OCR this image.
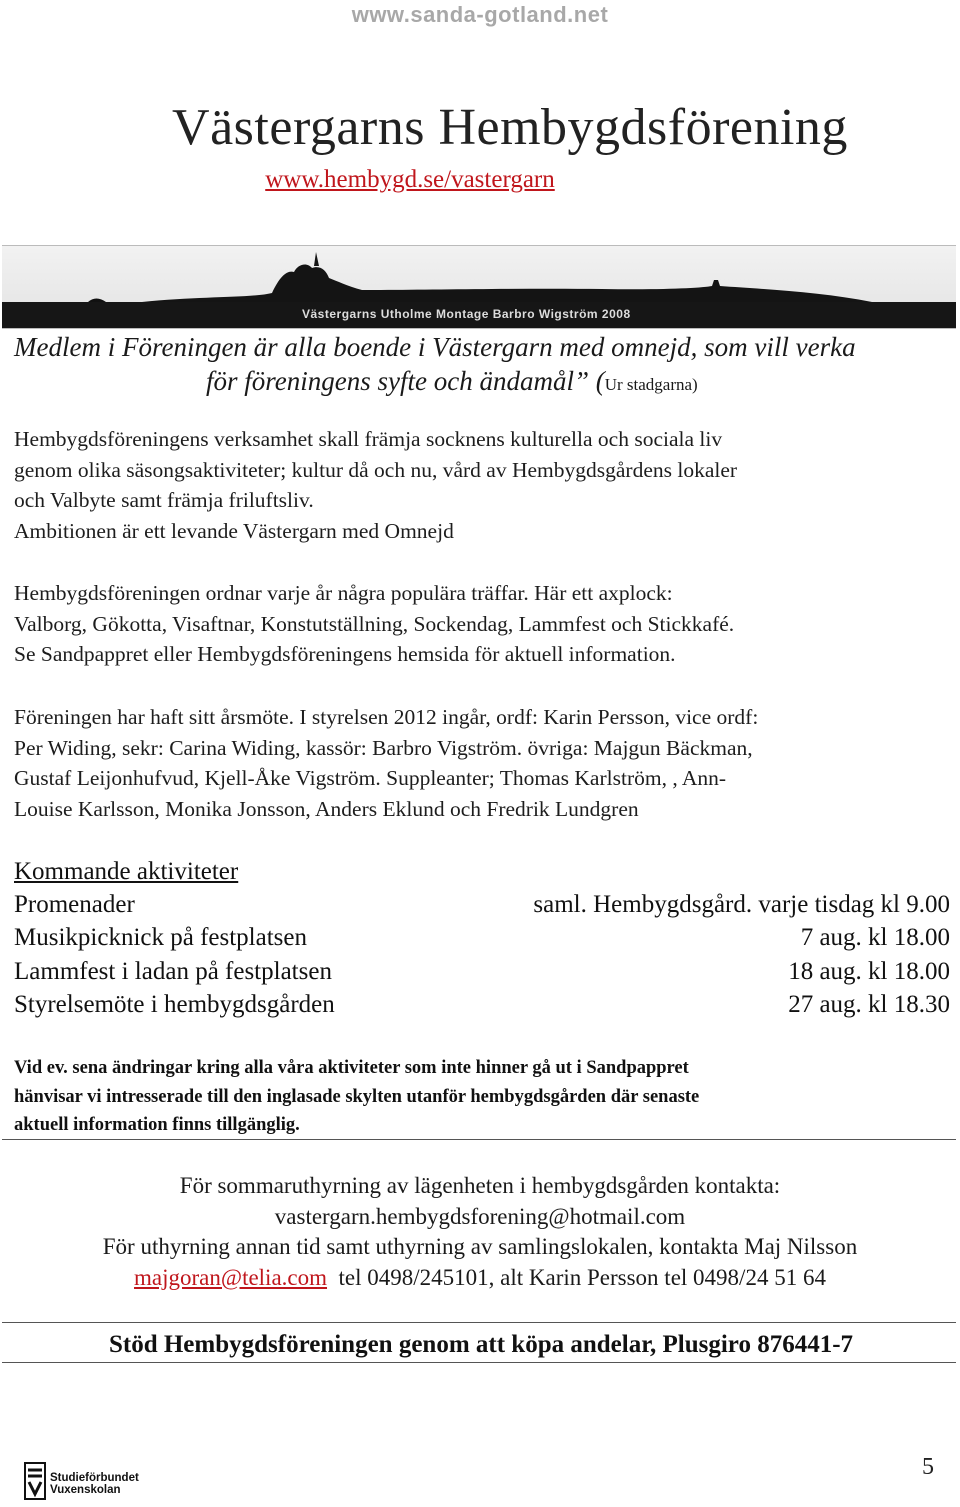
www.sanda-gotland.net
Västergarns Hembygdsförening
www.hembygd.se/vastergarn
Västergarns Utholme Montage Barbro Wigström 2008
Medlem i Föreningen är alla boende i Västergarn med omnejd, som vill verka
för föreningens syfte och ändamål” (Ur stadgarna)
Hembygdsföreningens verksamhet skall främja socknens kulturella och sociala liv
genom olika säsongsaktiviteter; kultur då och nu, vård av Hembygdsgårdens lokaler
och Valbyte samt främja friluftsliv.
Ambitionen är ett levande Västergarn med Omnejd
Hembygdsföreningen ordnar varje år några populära träffar. Här ett axplock:
Valborg, Gökotta, Visaftnar, Konstutställning, Sockendag, Lammfest och Stickkafé.
Se Sandpappret eller Hembygdsföreningens hemsida för aktuell information.
Föreningen har haft sitt årsmöte. I styrelsen 2012 ingår, ordf: Karin Persson, vice ordf:
Per Widing, sekr: Carina Widing, kassör: Barbro Vigström. övriga: Majgun Bäckman,
Gustaf Leijonhufvud, Kjell-Åke Vigström. Suppleanter; Thomas Karlström, , Ann-
Louise Karlsson, Monika Jonsson, Anders Eklund och Fredrik Lundgren
Kommande aktiviteter
Promenader	saml. Hembygdsgård. varje tisdag kl 9.00
Musikpicknick på festplatsen	7 aug. kl 18.00
Lammfest i ladan på festplatsen	18 aug. kl 18.00
Styrelsemöte i hembygdsgården	27 aug. kl 18.30
Vid ev. sena ändringar kring alla våra aktiviteter som inte hinner gå ut i Sandpappret
hänvisar vi intresserade till den inglasade skylten utanför hembygdsgården där senaste
aktuell information finns tillgänglig.
För sommaruthyrning av lägenheten i hembygdsgården kontakta:
vastergarn.hembygdsforening@hotmail.com
För uthyrning annan tid samt uthyrning av samlingslokalen, kontakta Maj Nilsson
majgoran@telia.com  tel 0498/245101, alt Karin Persson tel 0498/24 51 64
Stöd Hembygdsföreningen genom att köpa andelar, Plusgiro 876441-7
Studieförbundet
Vuxenskolan
5
